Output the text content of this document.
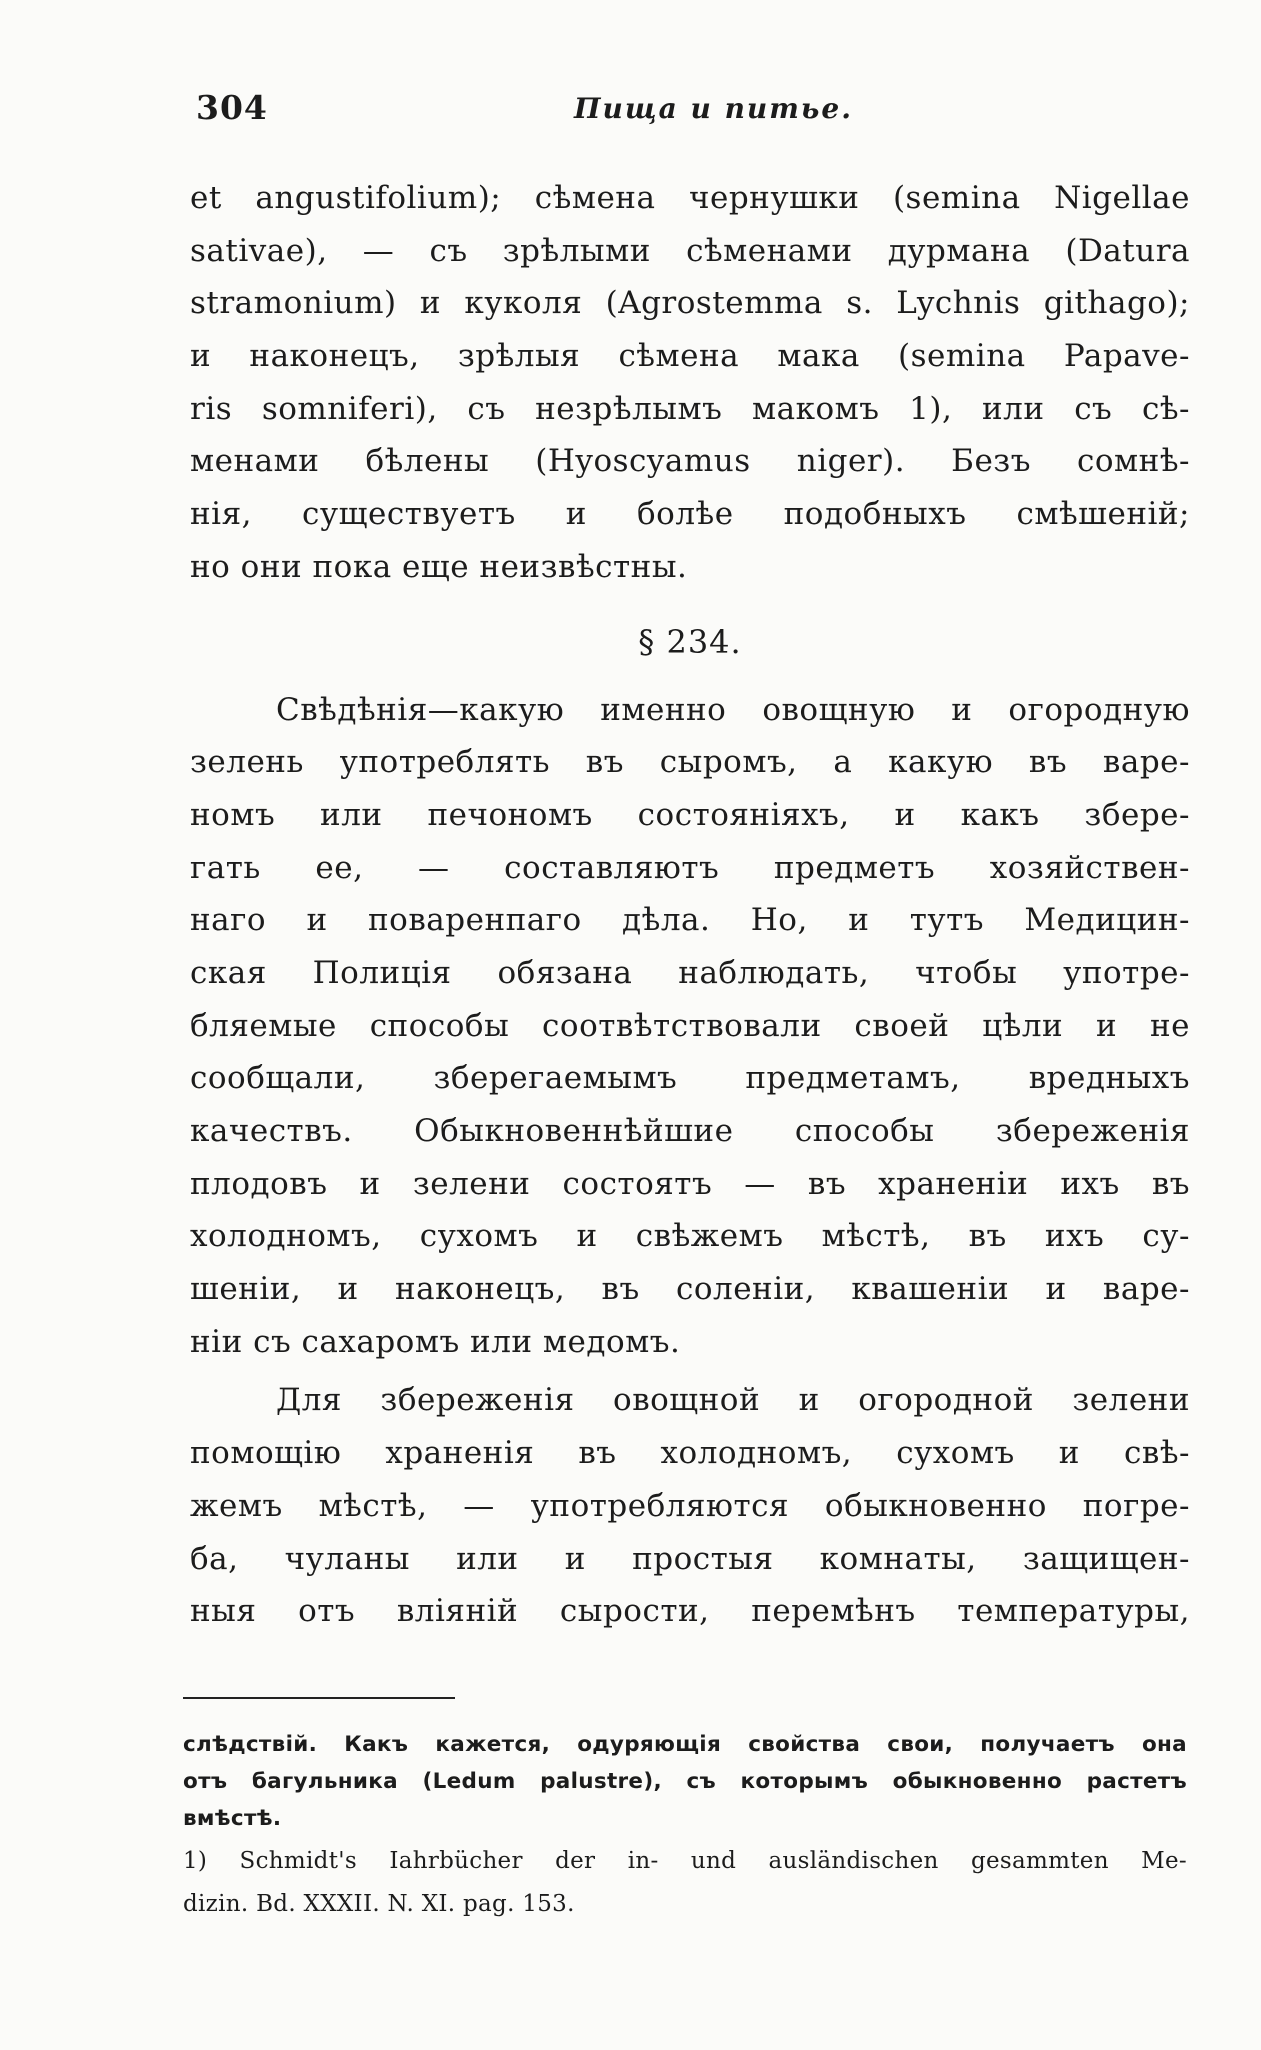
304	Пища и питье.
et angustifolium); сѣмена чернушки (semina Nigellae
sativae), — съ зрѣлыми сѣменами дурмана (Datura
stramonium) и куколя (Agrostemma s. Lychnis githago);
и наконецъ, зрѣлыя сѣмена мака (semina Papave-
ris somniferi), съ незрѣлымъ макомъ 1), или съ сѣ-
менами бѣлены (Hyoscyamus niger). Безъ сомнѣ-
нія, существуетъ и болѣе подобныхъ смѣшеній;
но они пока еще неизвѣстны.
§ 234.
Свѣдѣнія—какую именно овощную и огородную
зелень употреблять въ сыромъ, а какую въ варе-
номъ или печономъ состояніяхъ, и какъ збере-
гать ее, — составляютъ предметъ хозяйствен-
наго и поваренпаго дѣла. Но, и тутъ Медицин-
ская Полиція обязана наблюдать, чтобы употре-
бляемые способы соотвѣтствовали своей цѣли и не
сообщали, зберегаемымъ предметамъ, вредныхъ
качествъ. Обыкновеннѣйшие способы збереженія
плодовъ и зелени состоятъ — въ храненіи ихъ въ
холодномъ, сухомъ и свѣжемъ мѣстѣ, въ ихъ су-
шеніи, и наконецъ, въ соленіи, квашеніи и варе-
ніи съ сахаромъ или медомъ.
Для збереженія овощной и огородной зелени
помощію храненія въ холодномъ, сухомъ и свѣ-
жемъ мѣстѣ, — употребляются обыкновенно погре-
ба, чуланы или и простыя комнаты, защищен-
ныя отъ вліяній сырости, перемѣнъ температуры,
слѣдствій. Какъ кажется, одуряющія свойства свои, получаетъ она
отъ багульника (Ledum palustre), съ которымъ обыкновенно растетъ
вмѣстѣ.
1) Schmidt's Iahrbücher der in- und ausländischen gesammten Me-
dizin. Bd. XXXII. N. XI. pag. 153.
